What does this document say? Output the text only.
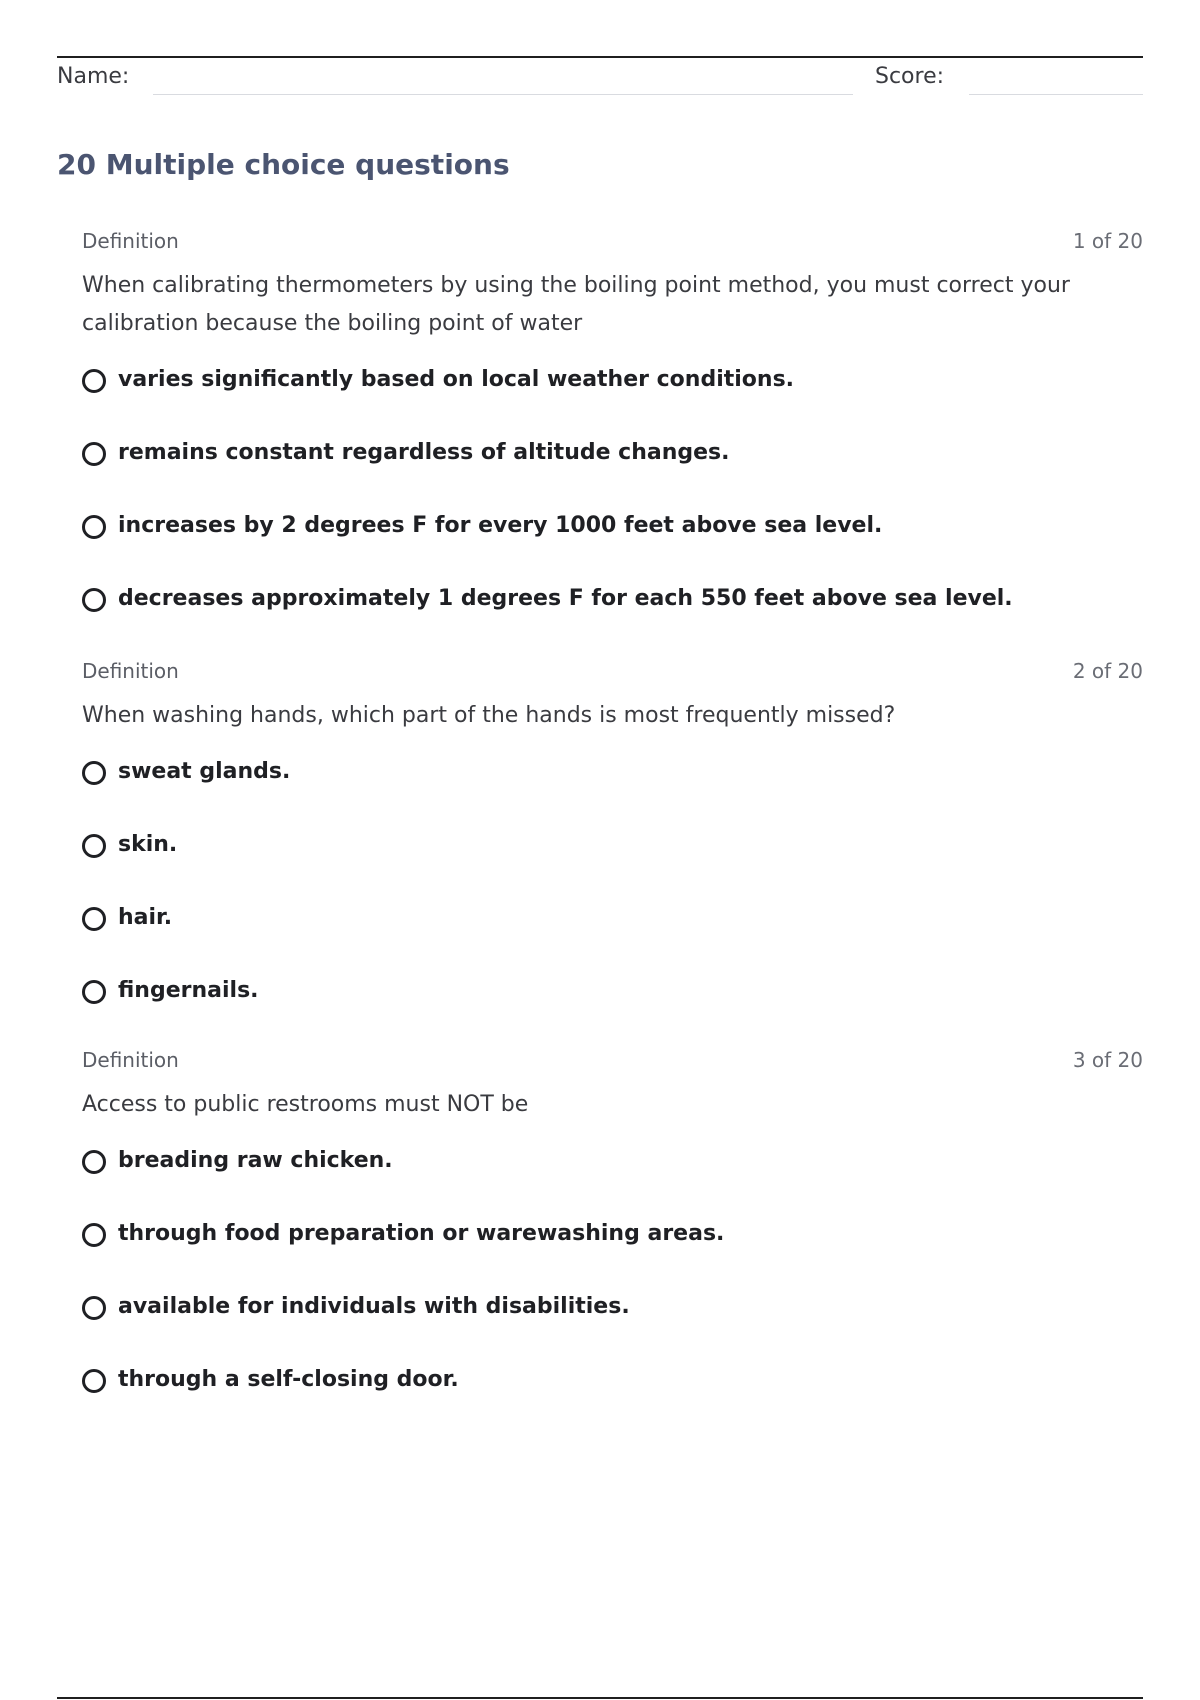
Name:	Score:
20 Multiple choice questions
Definition	1 of 20

When calibrating thermometers by using the boiling point method, you must correct your calibration because the boiling point of water

varies significantly based on local weather conditions.
remains constant regardless of altitude changes.
increases by 2 degrees F for every 1000 feet above sea level.
decreases approximately 1 degrees F for each 550 feet above sea level.
Definition	2 of 20

When washing hands, which part of the hands is most frequently missed?

sweat glands.
skin.
hair.
fingernails.
Definition	3 of 20

Access to public restrooms must NOT be

breading raw chicken.
through food preparation or warewashing areas.
available for individuals with disabilities.
through a self-closing door.
